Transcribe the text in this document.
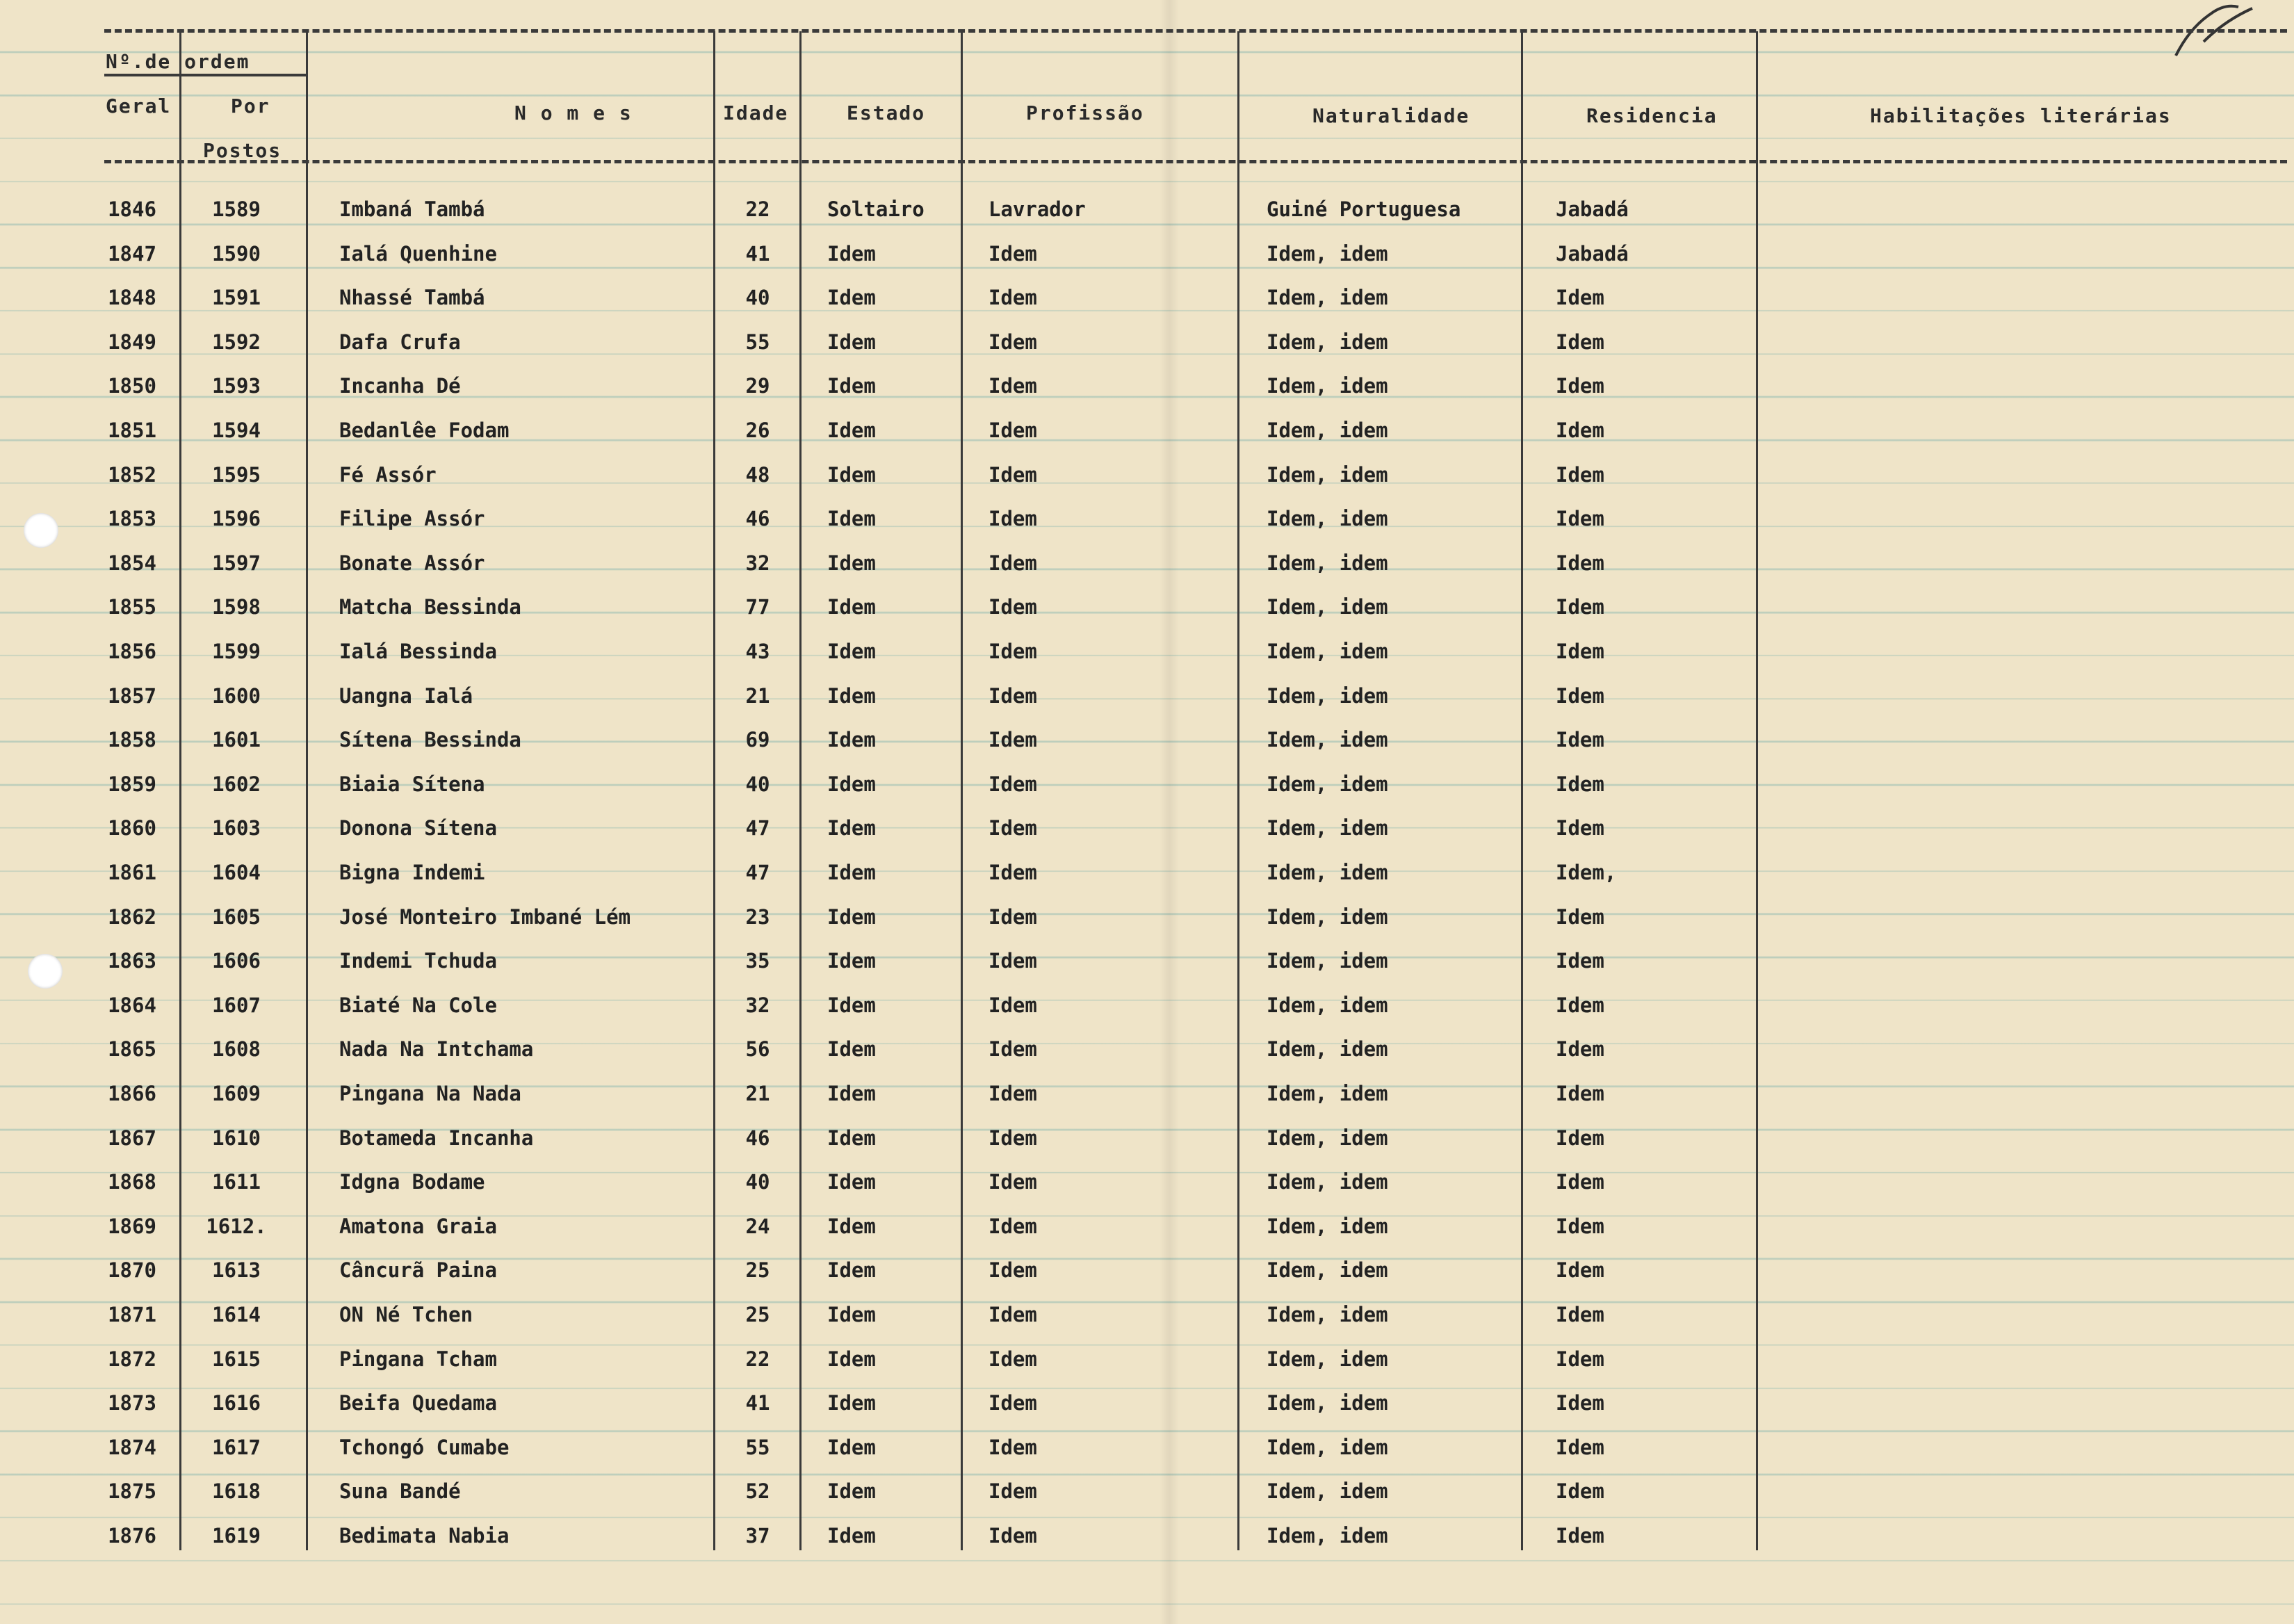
Nº.de ordem
Geral	Por
Postos
N o m e s	Idade	Estado	Profissão	Naturalidade	Residencia	Habilitações literárias
1846	1589	Imbaná Tambá	22	Soltairo	Lavrador	Guiné Portuguesa	Jabadá
1847	1590	Ialá Quenhine	41	Idem	Idem	Idem, idem	Jabadá
1848	1591	Nhassé Tambá	40	Idem	Idem	Idem, idem	Idem
1849	1592	Dafa Crufa	55	Idem	Idem	Idem, idem	Idem
1850	1593	Incanha Dé	29	Idem	Idem	Idem, idem	Idem
1851	1594	Bedanlêe Fodam	26	Idem	Idem	Idem, idem	Idem
1852	1595	Fé Assór	48	Idem	Idem	Idem, idem	Idem
1853	1596	Filipe Assór	46	Idem	Idem	Idem, idem	Idem
1854	1597	Bonate Assór	32	Idem	Idem	Idem, idem	Idem
1855	1598	Matcha Bessinda	77	Idem	Idem	Idem, idem	Idem
1856	1599	Ialá Bessinda	43	Idem	Idem	Idem, idem	Idem
1857	1600	Uangna Ialá	21	Idem	Idem	Idem, idem	Idem
1858	1601	Sítena Bessinda	69	Idem	Idem	Idem, idem	Idem
1859	1602	Biaia Sítena	40	Idem	Idem	Idem, idem	Idem
1860	1603	Donona Sítena	47	Idem	Idem	Idem, idem	Idem
1861	1604	Bigna Indemi	47	Idem	Idem	Idem, idem	Idem,
1862	1605	José Monteiro Imbané Lém	23	Idem	Idem	Idem, idem	Idem
1863	1606	Indemi Tchuda	35	Idem	Idem	Idem, idem	Idem
1864	1607	Biaté Na Cole	32	Idem	Idem	Idem, idem	Idem
1865	1608	Nada Na Intchama	56	Idem	Idem	Idem, idem	Idem
1866	1609	Pingana Na Nada	21	Idem	Idem	Idem, idem	Idem
1867	1610	Botameda Incanha	46	Idem	Idem	Idem, idem	Idem
1868	1611	Idgna Bodame	40	Idem	Idem	Idem, idem	Idem
1869	1612.	Amatona Graia	24	Idem	Idem	Idem, idem	Idem
1870	1613	Câncurã Paina	25	Idem	Idem	Idem, idem	Idem
1871	1614	ON Né Tchen	25	Idem	Idem	Idem, idem	Idem
1872	1615	Pingana Tcham	22	Idem	Idem	Idem, idem	Idem
1873	1616	Beifa Quedama	41	Idem	Idem	Idem, idem	Idem
1874	1617	Tchongó Cumabe	55	Idem	Idem	Idem, idem	Idem
1875	1618	Suna Bandé	52	Idem	Idem	Idem, idem	Idem
1876	1619	Bedimata Nabia	37	Idem	Idem	Idem, idem	Idem
